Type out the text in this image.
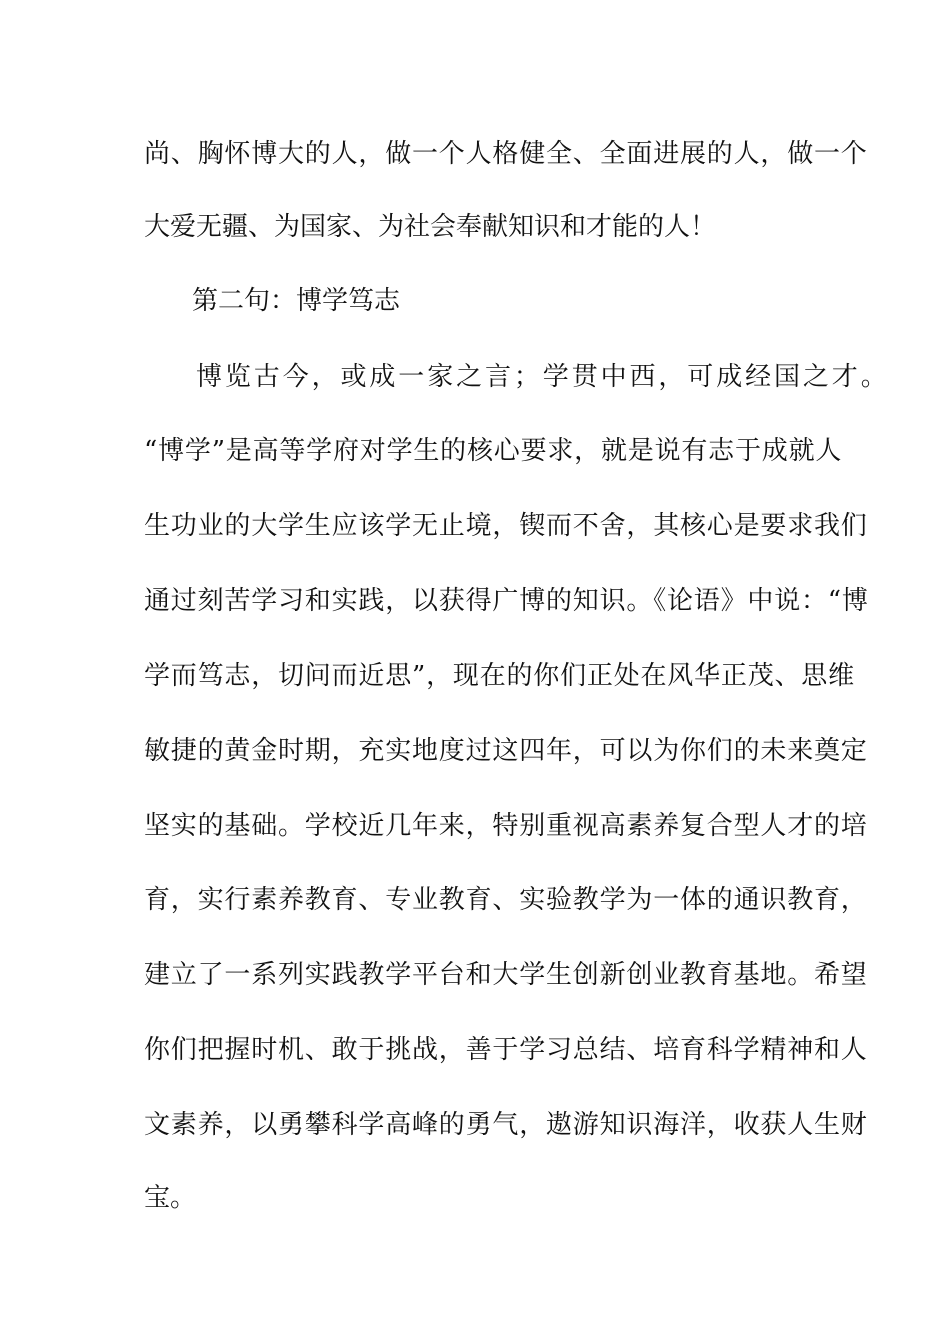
尚、胸怀博大的人，做一个人格健全、全面进展的人，做一个

大爱无疆、为国家、为社会奉献知识和才能的人！

第二句：博学笃志

博览古今，或成一家之言；学贯中西，可成经国之才。

“博学”是高等学府对学生的核心要求，就是说有志于成就人

生功业的大学生应该学无止境，锲而不舍，其核心是要求我们

通过刻苦学习和实践，以获得广博的知识。《论语》中说：“博

学而笃志，切问而近思”，现在的你们正处在风华正茂、思维

敏捷的黄金时期，充实地度过这四年，可以为你们的未来奠定

坚实的基础。学校近几年来，特别重视高素养复合型人才的培

育，实行素养教育、专业教育、实验教学为一体的通识教育，

建立了一系列实践教学平台和大学生创新创业教育基地。希望

你们把握时机、敢于挑战，善于学习总结、培育科学精神和人

文素养，以勇攀科学高峰的勇气，遨游知识海洋，收获人生财

宝。
